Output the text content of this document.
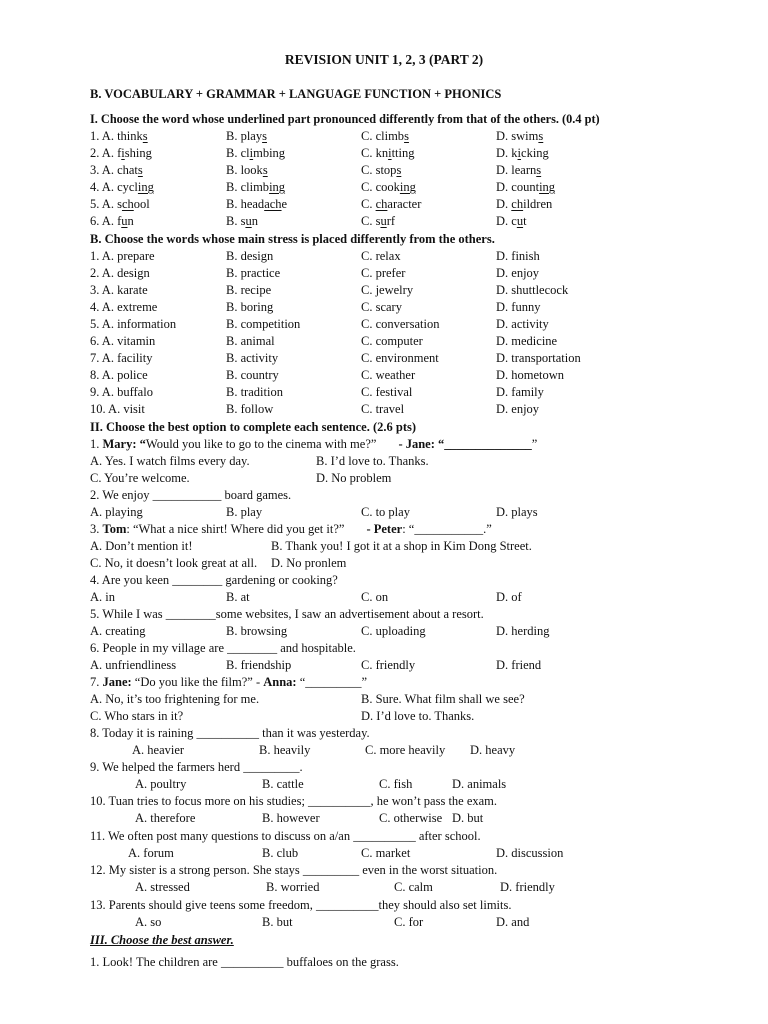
REVISION UNIT 1, 2, 3 (PART 2)
B. VOCABULARY + GRAMMAR + LANGUAGE FUNCTION + PHONICS
I. Choose the word whose underlined part pronounced differently from that of the others. (0.4 pt)
1. A. thinks	B. plays	C. climbs	D. swims
2. A. fishing	B. climbing	C. knitting	D. kicking
3. A. chats	B. looks	C. stops	D. learns
4. A. cycling	B. climbing	C. cooking	D. counting
5. A. school	B. headache	C. character	D. children
6. A. fun	B. sun	C. surf	D. cut
B. Choose the words whose main stress is placed differently from the others.
1. A. prepare	B. design	C. relax	D. finish
2. A. design	B. practice	C. prefer	D. enjoy
3. A. karate	B. recipe	C. jewelry	D. shuttlecock
4. A. extreme	B. boring	C. scary	D. funny
5. A. information	B. competition	C. conversation	D. activity
6. A. vitamin	B. animal	C. computer	D. medicine
7. A. facility	B. activity	C. environment	D. transportation
8. A. police	B. country	C. weather	D. hometown
9. A. buffalo	B. tradition	C. festival	D. family
10. A. visit	B. follow	C. travel	D. enjoy
II. Choose the best option to complete each sentence. (2.6 pts)
1. Mary: “Would you like to go to the cinema with me?” - Jane: “______________”
A. Yes. I watch films every day.	B. I’d love to. Thanks.
C. You’re welcome.	D. No problem
2. We enjoy ___________ board games.
A. playing	B. play	C. to play	D. plays
3. Tom: “What a nice shirt! Where did you get it?” - Peter: “___________.”
A. Don’t mention it!	B. Thank you! I got it at a shop in Kim Dong Street.
C. No, it doesn’t look great at all. D. No pronlem
4. Are you keen ________ gardening or cooking?
A. in	B. at	C. on	D. of
5. While I was ________some websites, I saw an advertisement about a resort.
A. creating	B. browsing	C. uploading	D. herding
6. People in my village are ________ and hospitable.
A. unfriendliness	B. friendship	C. friendly	D. friend
7. Jane: “Do you like the film?” - Anna: “_________”
A. No, it’s too frightening for me.	B. Sure. What film shall we see?
C. Who stars in it?	D. I’d love to. Thanks.
8. Today it is raining __________ than it was yesterday.
A. heavier	B. heavily	C. more heavily D. heavy
9. We helped the farmers herd _________.
A. poultry	B. cattle	C. fish	D. animals
10. Tuan tries to focus more on his studies; __________, he won’t pass the exam.
A. therefore	B. however	C. otherwise D. but
11. We often post many questions to discuss on a/an __________ after school.
A. forum	B. club	C. market	D. discussion
12. My sister is a strong person. She stays _________ even in the worst situation.
A. stressed	B. worried	C. calm	D. friendly
13. Parents should give teens some freedom, __________they should also set limits.
A. so	B. but	C. for	D. and
III. Choose the best answer.
1. Look! The children are __________ buffaloes on the grass.
